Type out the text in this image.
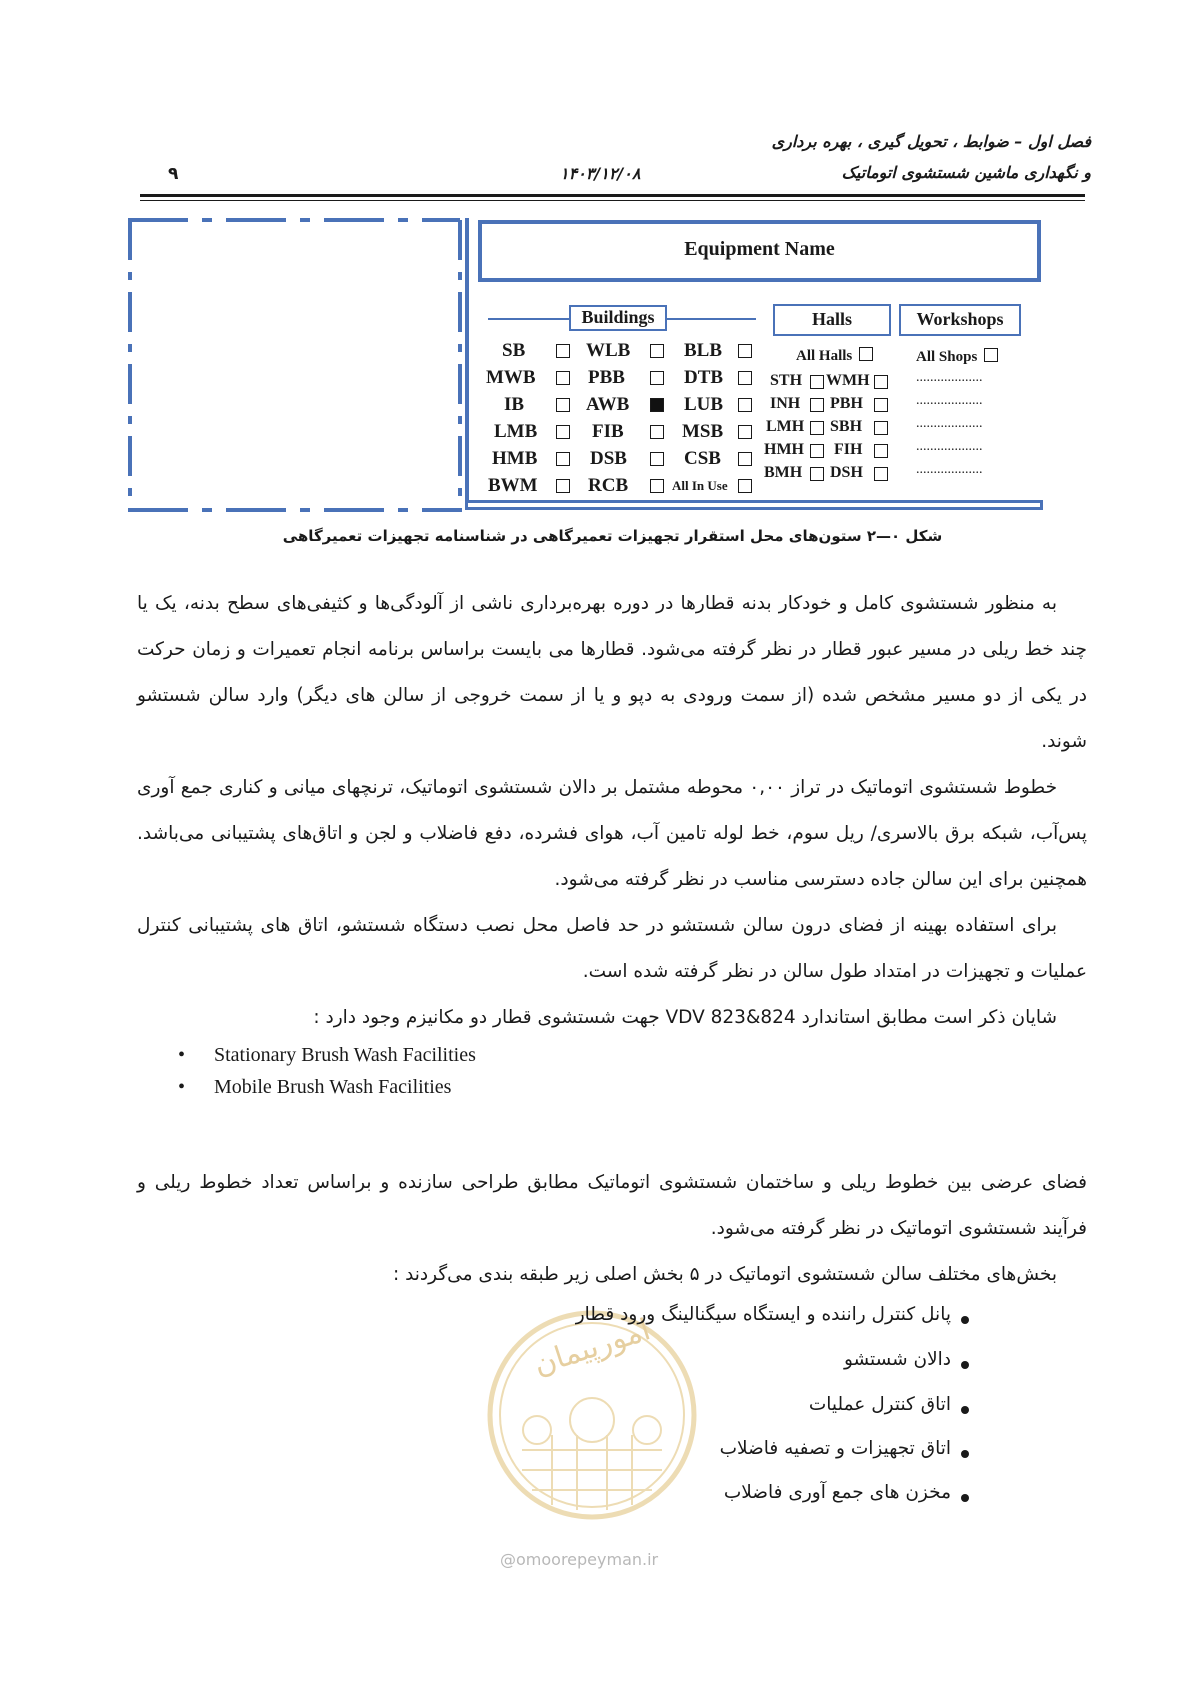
فصل اول – ضوابط ، تحویل گیری ، بهره برداری
و نگهداری ماشین شستشوی اتوماتیک
۱۴۰۳/۱۲/۰۸
۹
Equipment Name
Buildings
SB
MWB
IB
LMB
HMB
BWM
WLB
PBB
AWB
FIB
DSB
RCB
BLB
DTB
LUB
MSB
CSB
All In Use
Halls
All Halls
STH WMH
INH PBH
LMH SBH
HMH FIH
BMH DSH
Workshops
All Shops
...................
...................
...................
...................
...................
شکل ۰—۲ ستون‌های محل استقرار تجهیزات تعمیرگاهی در شناسنامه تجهیزات تعمیرگاهی
به منظور شستشوی کامل و خودکار بدنه قطارها در دوره بهره‌برداری ناشی از آلودگی‌ها و کثیفی‌های سطح بدنه، یک یا چند خط ریلی در مسیر عبور قطار در نظر گرفته می‌شود. قطارها می بایست براساس برنامه انجام تعمیرات و زمان حرکت در یکی از دو مسیر مشخص شده (از سمت ورودی به دپو و یا از سمت خروجی از سالن های دیگر) وارد سالن شستشو شوند.
خطوط شستشوی اتوماتیک در تراز ۰,۰۰ محوطه مشتمل بر دالان شستشوی اتوماتیک، ترنچهای میانی و کناری جمع آوری پس‌آب، شبکه برق بالاسری/ ریل سوم، خط لوله تامین آب، هوای فشرده، دفع فاضلاب و لجن و اتاق‌های پشتیبانی می‌باشد. همچنین برای این سالن جاده دسترسی مناسب در نظر گرفته می‌شود.
برای استفاده بهینه از فضای درون سالن شستشو در حد فاصل محل نصب دستگاه شستشو، اتاق های پشتیبانی کنترل عملیات و تجهیزات در امتداد طول سالن در نظر گرفته شده است.
شایان ذکر است مطابق استاندارد VDV 823&824 جهت شستشوی قطار دو مکانیزم وجود دارد :
• Stationary Brush Wash Facilities
• Mobile Brush Wash Facilities
فضای عرضی بین خطوط ریلی و ساختمان شستشوی اتوماتیک مطابق طراحی سازنده و براساس تعداد خطوط ریلی و فرآیند شستشوی اتوماتیک در نظر گرفته می‌شود.
بخش‌های مختلف سالن شستشوی اتوماتیک در ۵ بخش اصلی زیر طبقه بندی می‌گردند :
امورپیمان
پانل کنترل راننده و ایستگاه سیگنالینگ ورود قطار
دالان شستشو
اتاق کنترل عملیات
اتاق تجهیزات و تصفیه فاضلاب
مخزن های جمع آوری فاضلاب
@omoorepeyman.ir
